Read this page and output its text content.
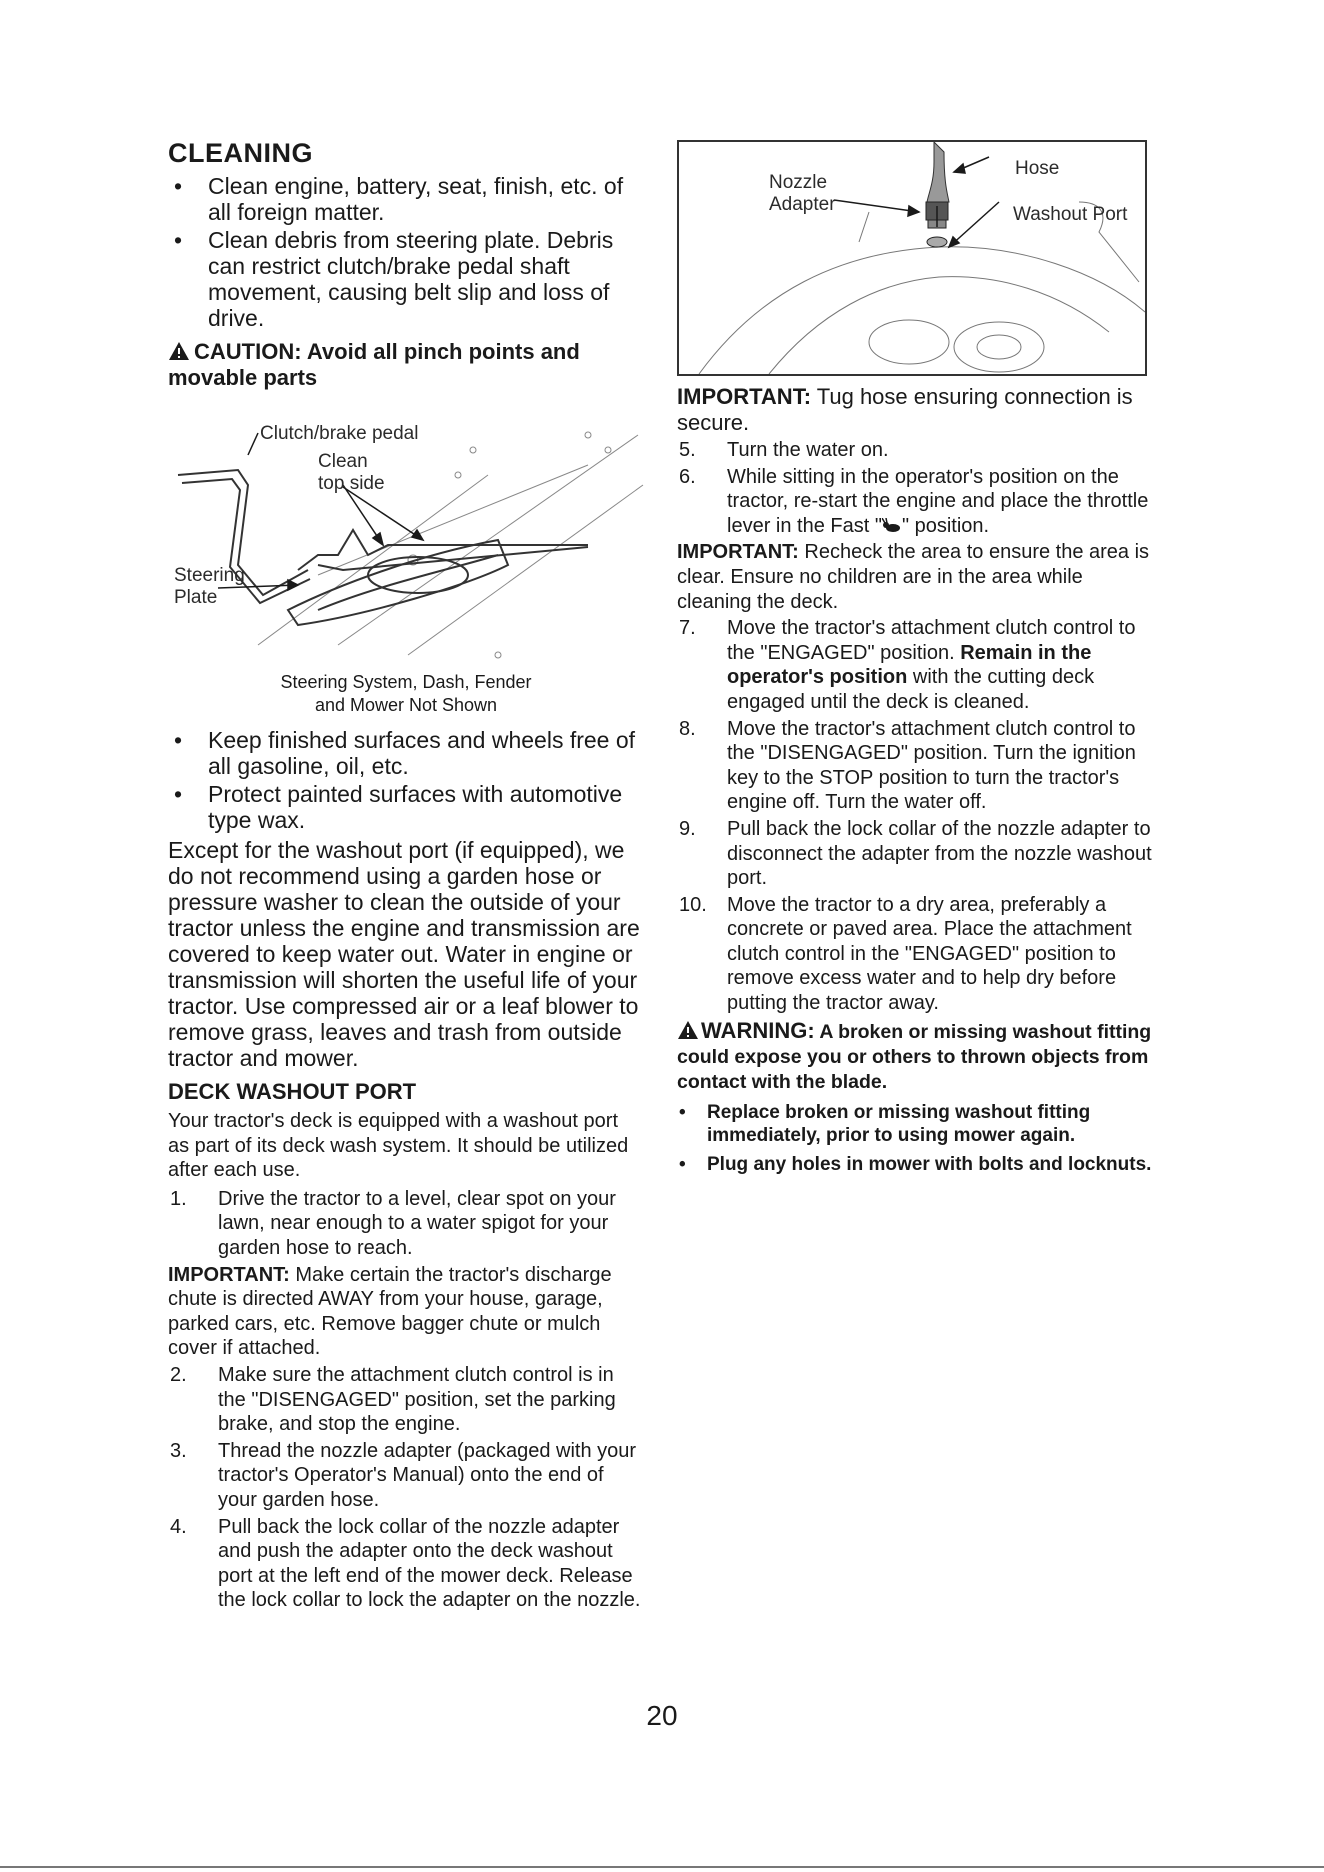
CLEANING
• Clean engine, battery, seat, finish, etc. of all foreign matter.
• Clean debris from steering plate. Debris can restrict clutch/brake pedal shaft movement, causing belt slip and loss of drive.
CAUTION: Avoid all pinch points and movable parts
Clutch/brake pedal
Clean
top side
Steering
Plate
Steering System, Dash, Fender
and Mower Not Shown
• Keep finished surfaces and wheels free of all gasoline, oil, etc.
• Protect painted surfaces with automotive type wax.

Except for the washout port (if equipped), we do not recommend using a garden hose or pressure washer to clean the outside of your tractor unless the engine and transmission are covered to keep water out. Water in engine or transmission will shorten the useful life of your tractor. Use compressed air or a leaf blower to remove grass, leaves and trash from outside tractor and mower.

DECK WASHOUT PORT

Your tractor's deck is equipped with a washout port as part of its deck wash system. It should be utilized after each use.

1. Drive the tractor to a level, clear spot on your lawn, near enough to a water spigot for your garden hose to reach.

IMPORTANT: Make certain the tractor's discharge chute is directed AWAY from your house, garage, parked cars, etc. Remove bagger chute or mulch cover if attached.

2. Make sure the attachment clutch control is in the "DISENGAGED" position, set the parking brake, and stop the engine.
3. Thread the nozzle adapter (packaged with your tractor's Operator's Manual) onto the end of your garden hose.
4. Pull back the lock collar of the nozzle adapter and push the adapter onto the deck washout port at the left end of the mower deck. Release the lock collar to lock the adapter on the nozzle.
Hose
Nozzle
Adapter	Washout Port

IMPORTANT: Tug hose ensuring connection is secure.

5. Turn the water on.
6. While sitting in the operator's position on the tractor, re-start the engine and place the throttle lever in the Fast " " position.

IMPORTANT: Recheck the area to ensure the area is clear. Ensure no children are in the area while cleaning the deck.

7. Move the tractor's attachment clutch control to the "ENGAGED" position. Remain in the operator's position with the cutting deck engaged until the deck is cleaned.
8. Move the tractor's attachment clutch control to the "DISENGAGED" position. Turn the ignition key to the STOP position to turn the tractor's engine off. Turn the water off.
9. Pull back the lock collar of the nozzle adapter to disconnect the adapter from the nozzle washout port.
10. Move the tractor to a dry area, preferably a concrete or paved area. Place the attachment clutch control in the "ENGAGED" position to remove excess water and to help dry before putting the tractor away.
WARNING: A broken or missing washout fitting could expose you or others to thrown objects from contact with the blade.
• Replace broken or missing washout fitting immediately, prior to using mower again.
• Plug any holes in mower with bolts and locknuts.
20
